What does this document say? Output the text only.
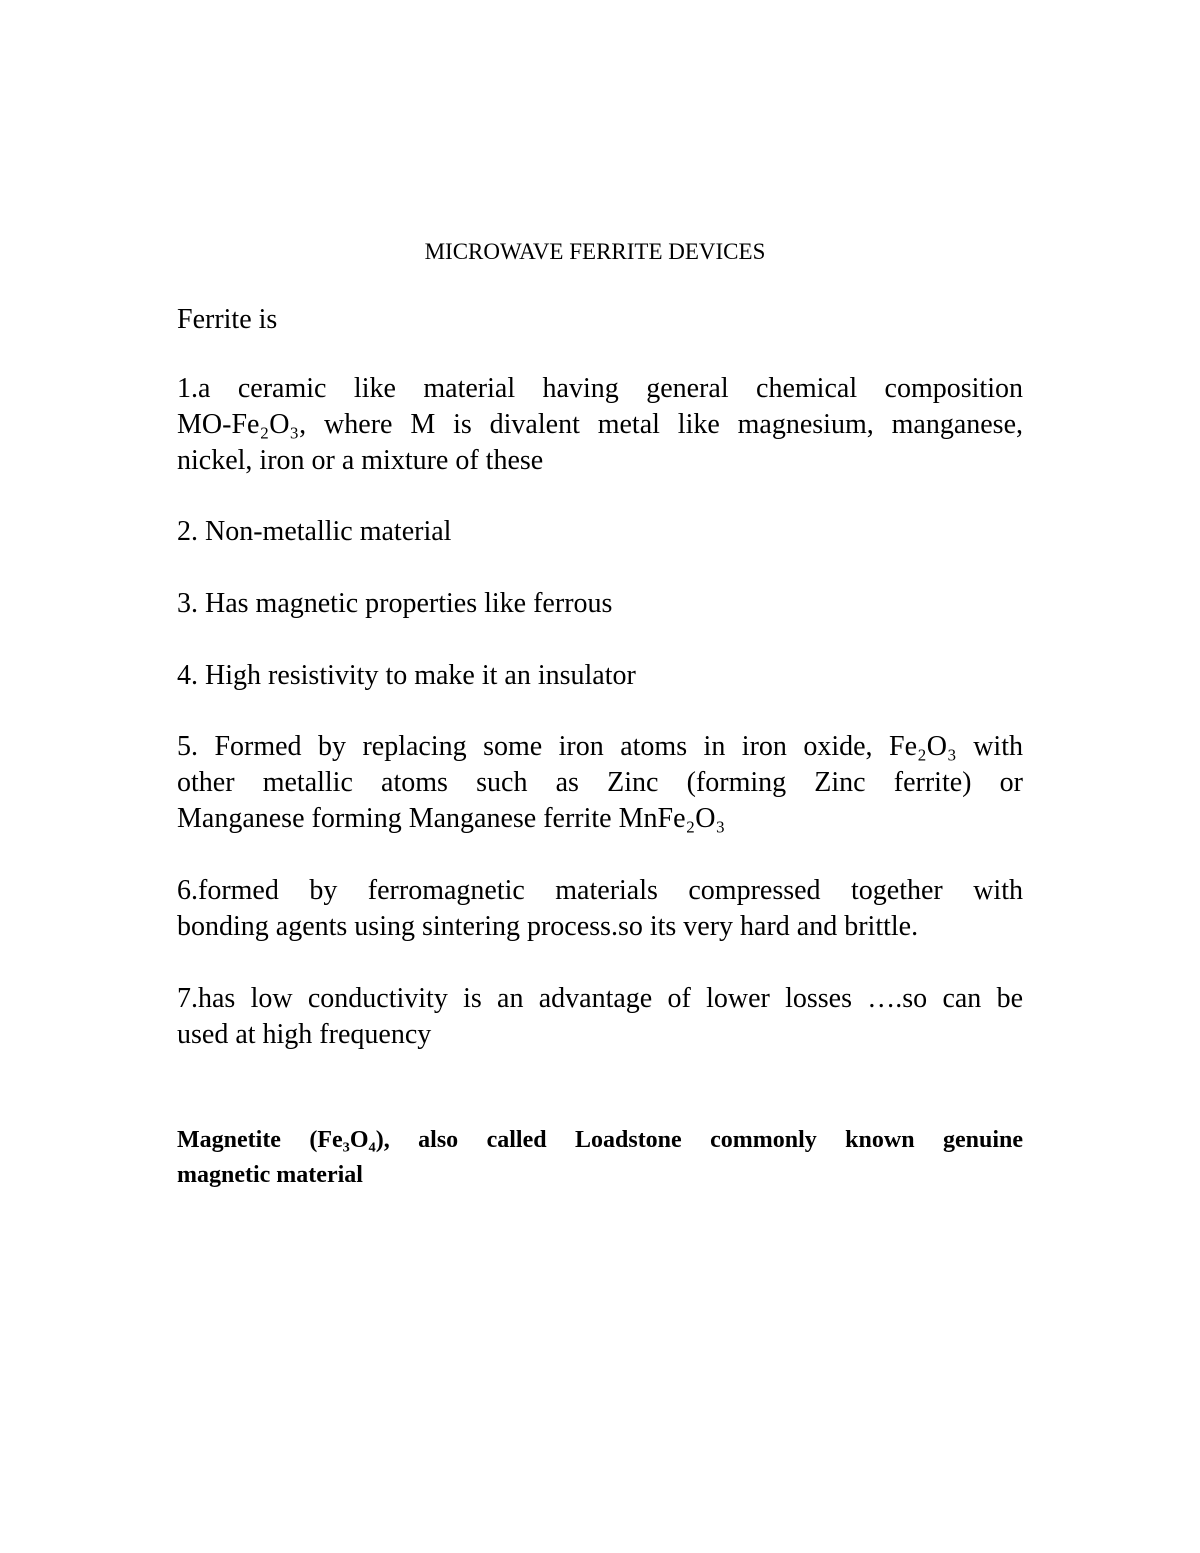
MICROWAVE FERRITE DEVICES
Ferrite is
1.a ceramic like material having general chemical composition
MO-Fe₂O₃, where M is divalent metal like magnesium, manganese,
nickel, iron or a mixture of these
2. Non-metallic material
3. Has magnetic properties like ferrous
4. High resistivity to make it an insulator
5. Formed by replacing some iron atoms in iron oxide, Fe₂O₃ with
other metallic atoms such as Zinc (forming Zinc ferrite) or
Manganese forming Manganese ferrite MnFe₂O₃
6.formed by ferromagnetic materials compressed together with
bonding agents using sintering process.so its very hard and brittle.
7.has low conductivity is an advantage of lower losses ….so can be
used at high frequency
Magnetite (Fe₃O₄), also called Loadstone commonly known genuine
magnetic material
